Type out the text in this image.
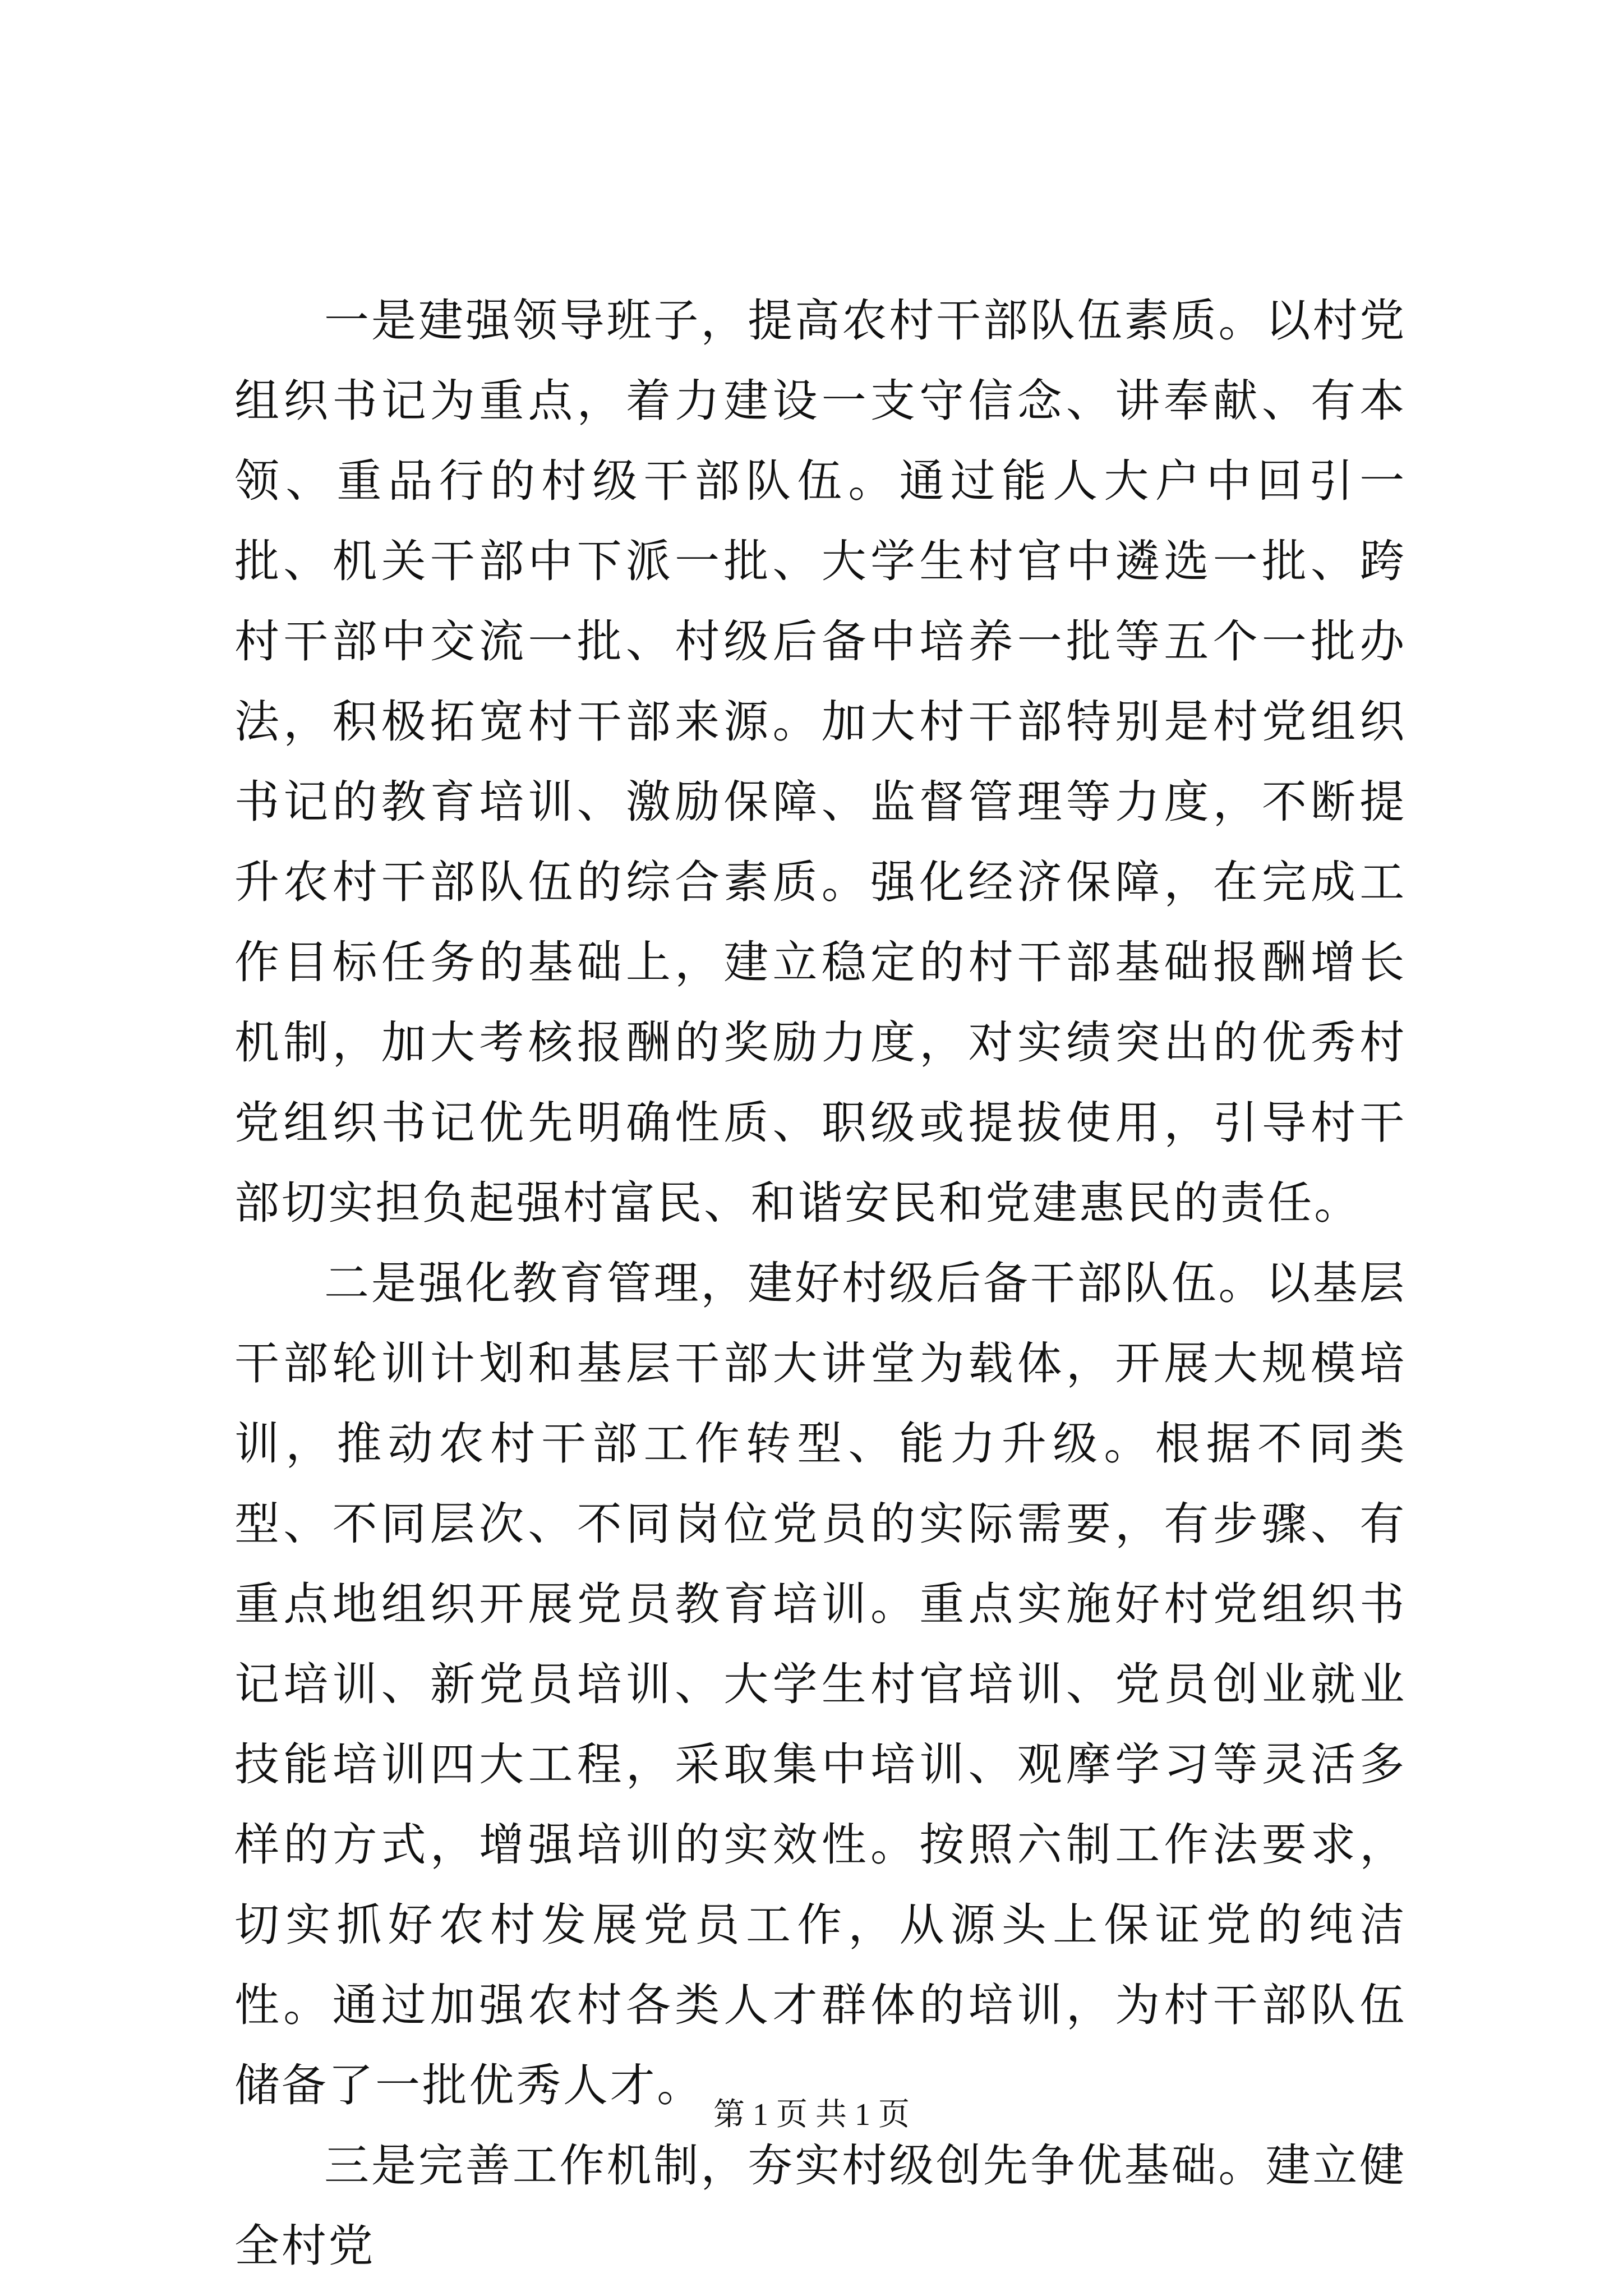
一是建强领导班子，提高农村干部队伍素质。以村党组织书记为重点，着力建设一支守信念、讲奉献、有本领、重品行的村级干部队伍。通过能人大户中回引一批、机关干部中下派一批、大学生村官中遴选一批、跨村干部中交流一批、村级后备中培养一批等五个一批办法，积极拓宽村干部来源。加大村干部特别是村党组织书记的教育培训、激励保障、监督管理等力度，不断提升农村干部队伍的综合素质。强化经济保障，在完成工作目标任务的基础上，建立稳定的村干部基础报酬增长机制，加大考核报酬的奖励力度，对实绩突出的优秀村党组织书记优先明确性质、职级或提拔使用，引导村干部切实担负起强村富民、和谐安民和党建惠民的责任。

二是强化教育管理，建好村级后备干部队伍。以基层干部轮训计划和基层干部大讲堂为载体，开展大规模培训，推动农村干部工作转型、能力升级。根据不同类型、不同层次、不同岗位党员的实际需要，有步骤、有重点地组织开展党员教育培训。重点实施好村党组织书记培训、新党员培训、大学生村官培训、党员创业就业技能培训四大工程，采取集中培训、观摩学习等灵活多样的方式，增强培训的实效性。按照六制工作法要求，切实抓好农村发展党员工作，从源头上保证党的纯洁性。通过加强农村各类人才群体的培训，为村干部队伍储备了一批优秀人才。

三是完善工作机制，夯实村级创先争优基础。建立健全村党

第 1 页 共 1 页
